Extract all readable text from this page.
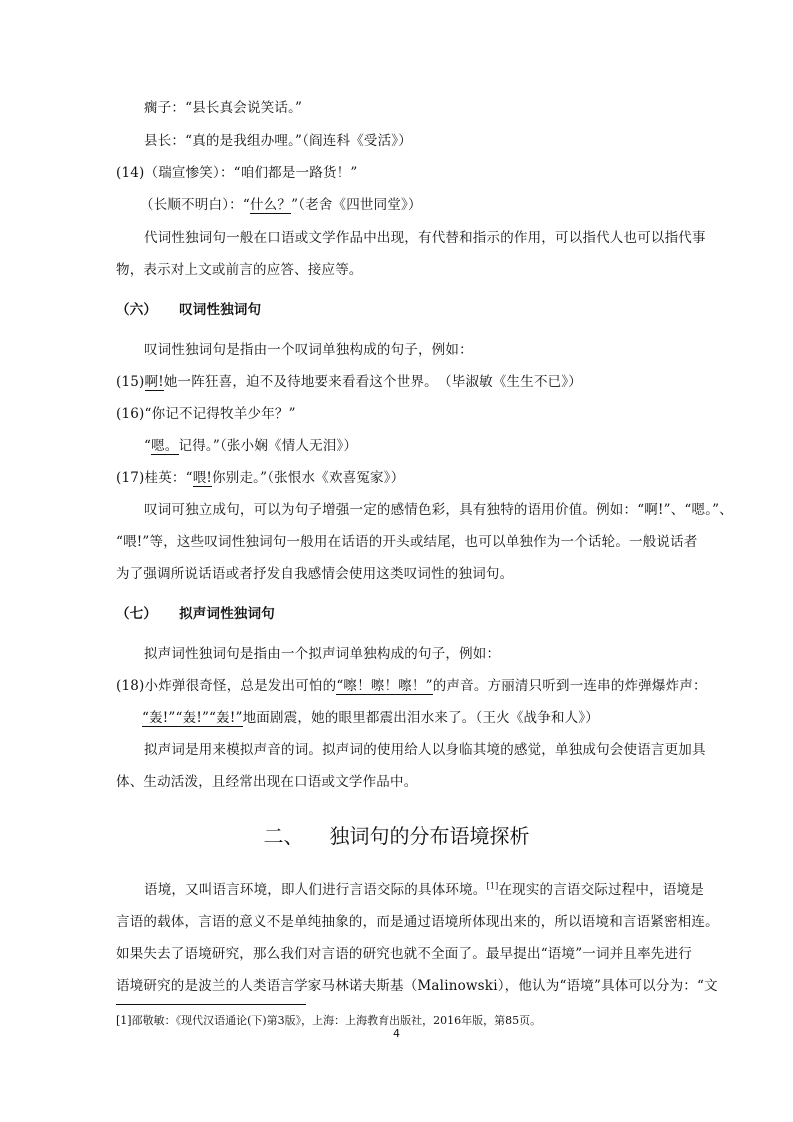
瘸子：“县长真会说笑话。”
县长：“真的是我组办哩。”（阎连科《受活》）
(14)（瑞宣惨笑）：“咱们都是一路货！”
（长顺不明白）：“什么？”（老舍《四世同堂》）
代词性独词句一般在口语或文学作品中出现，有代替和指示的作用，可以指代人也可以指代事
物，表示对上文或前言的应答、接应等。
（六） 叹词性独词句
叹词性独词句是指由一个叹词单独构成的句子，例如：
(15)啊!她一阵狂喜，迫不及待地要来看看这个世界。　（毕淑敏《生生不已》）
(16)“你记不记得牧羊少年？”
“嗯。记得。”（张小娴《情人无泪》）
(17)桂英：“喂!你别走。”（张恨水《欢喜冤家》）
叹词可独立成句，可以为句子增强一定的感情色彩，具有独特的语用价值。例如：“啊!”、“嗯。”、
“喂!”等，这些叹词性独词句一般用在话语的开头或结尾，也可以单独作为一个话轮。一般说话者
为了强调所说话语或者抒发自我感情会使用这类叹词性的独词句。
（七） 拟声词性独词句
拟声词性独词句是指由一个拟声词单独构成的句子，例如：
(18)小炸弹很奇怪，总是发出可怕的“嚓！嚓！嚓！”的声音。方丽清只听到一连串的炸弹爆炸声：
“轰!”“轰!”“轰!”地面剧震，她的眼里都震出泪水来了。（王火《战争和人》）
拟声词是用来模拟声音的词。拟声词的使用给人以身临其境的感觉，单独成句会使语言更加具
体、生动活泼，且经常出现在口语或文学作品中。
二、 独词句的分布语境探析
语境，又叫语言环境，即人们进行言语交际的具体环境。[1]在现实的言语交际过程中，语境是
言语的载体，言语的意义不是单纯抽象的，而是通过语境所体现出来的，所以语境和言语紧密相连。
如果失去了语境研究，那么我们对言语的研究也就不全面了。最早提出“语境”一词并且率先进行
语境研究的是波兰的人类语言学家马林诺夫斯基（Malinowski），他认为“语境”具体可以分为：“文
[1]邵敬敏：《现代汉语通论(下)第3版》，上海：上海教育出版社，2016年版，第85页。
4
